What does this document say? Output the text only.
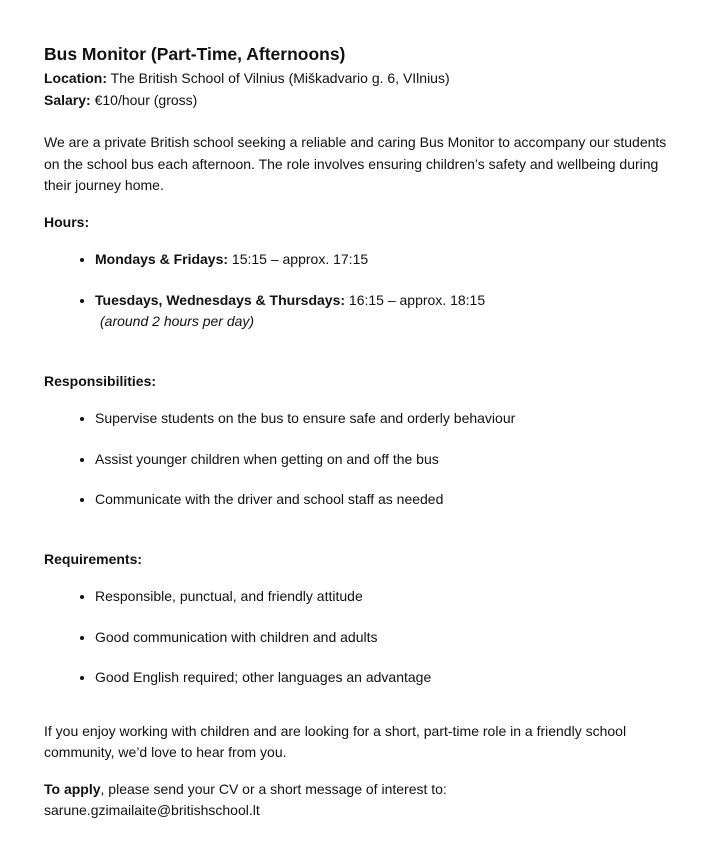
Bus Monitor (Part-Time, Afternoons)

Location: The British School of Vilnius (Miškadvario g. 6, VIlnius)

Salary: €10/hour (gross)

We are a private British school seeking a reliable and caring Bus Monitor to accompany our students on the school bus each afternoon. The role involves ensuring children’s safety and wellbeing during their journey home.

Hours:
• Mondays & Fridays: 15:15 – approx. 17:15
• Tuesdays, Wednesdays & Thursdays: 16:15 – approx. 18:15
(around 2 hours per day)
Responsibilities:
• Supervise students on the bus to ensure safe and orderly behaviour
• Assist younger children when getting on and off the bus
• Communicate with the driver and school staff as needed
Requirements:
• Responsible, punctual, and friendly attitude
• Good communication with children and adults
• Good English required; other languages an advantage

If you enjoy working with children and are looking for a short, part-time role in a friendly school community, we’d love to hear from you.

To apply, please send your CV or a short message of interest to:
sarune.gzimailaite@britishschool.lt
